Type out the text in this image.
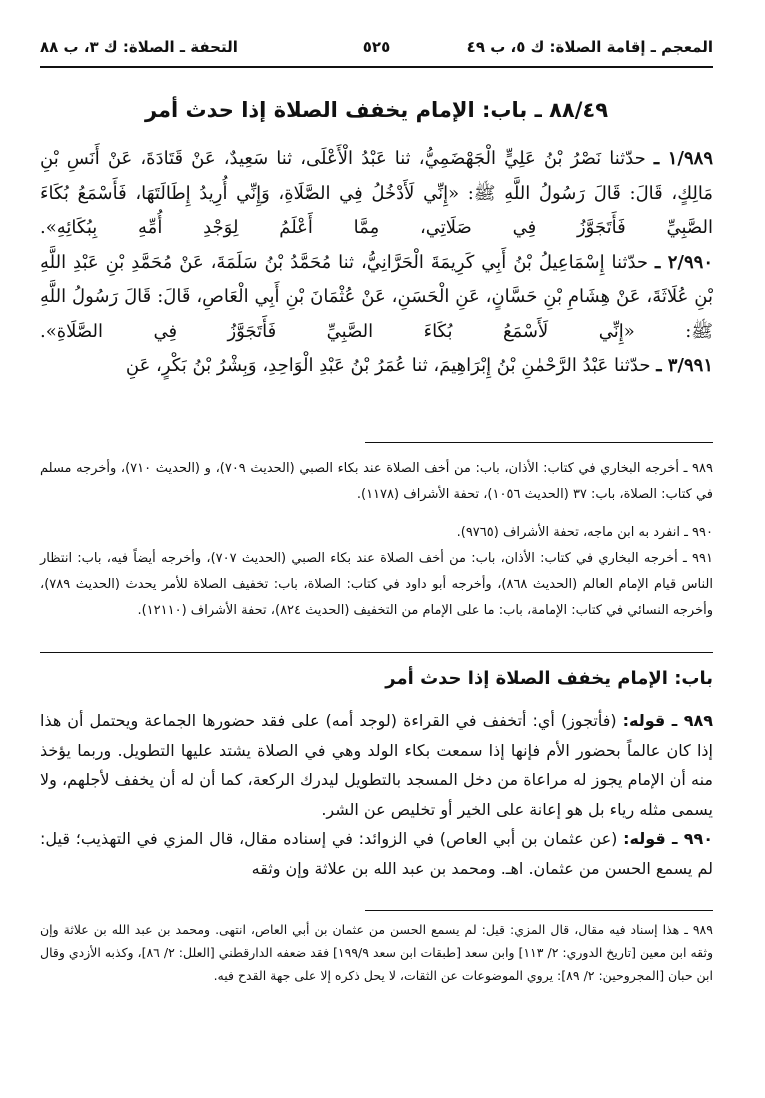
المعجم ـ إقامة الصلاة: ك ٥، ب ٤٩
٥٢٥
التحفة ـ الصلاة: ك ٣، ب ٨٨
٨٨/٤٩ ـ باب: الإمام يخفف الصلاة إذا حدث أمر

١/٩٨٩ ـ حدّثنا نَصْرُ بْنُ عَلِيٍّ الْجَهْضَمِيُّ، ثنا عَبْدُ الْأَعْلَى، ثنا سَعِيدٌ، عَنْ قَتَادَةَ، عَنْ أَنَسِ بْنِ مَالِكٍ، قَالَ: قَالَ رَسُولُ اللَّهِ ﷺ: «إِنِّي لَأَدْخُلُ فِي الصَّلَاةِ، وَإِنِّي أُرِيدُ إِطَالَتَهَا، فَأَسْمَعُ بُكَاءَ الصَّبِيِّ فَأَتَجَوَّزُ فِي صَلَاتِي، مِمَّا أَعْلَمُ لِوَجْدِ أُمِّهِ بِبُكَائِهِ».

٢/٩٩٠ ـ حدّثنا إِسْمَاعِيلُ بْنُ أَبِي كَرِيمَةَ الْحَرَّانِيُّ، ثنا مُحَمَّدُ بْنُ سَلَمَةَ، عَنْ مُحَمَّدِ بْنِ عَبْدِ اللَّهِ بْنِ عُلَاثَةَ، عَنْ هِشَامِ بْنِ حَسَّانٍ، عَنِ الْحَسَنِ، عَنْ عُثْمَانَ بْنِ أَبِي الْعَاصِ، قَالَ: قَالَ رَسُولُ اللَّهِ ﷺ: «إِنِّي لَأَسْمَعُ بُكَاءَ الصَّبِيِّ فَأَتَجَوَّزُ فِي الصَّلَاةِ».

٣/٩٩١ ـ حدّثنا عَبْدُ الرَّحْمٰنِ بْنُ إِبْرَاهِيمَ، ثنا عُمَرُ بْنُ عَبْدِ الْوَاحِدِ، وَبِشْرُ بْنُ بَكْرٍ، عَنِ

٩٨٩ ـ أخرجه البخاري في كتاب: الأذان، باب: من أخف الصلاة عند بكاء الصبي (الحديث ٧٠٩)، و (الحديث ٧١٠)، وأخرجه مسلم في كتاب: الصلاة، باب: ٣٧ (الحديث ١٠٥٦)، تحفة الأشراف (١١٧٨).

٩٩٠ ـ انفرد به ابن ماجه، تحفة الأشراف (٩٧٦٥).

٩٩١ ـ أخرجه البخاري في كتاب: الأذان، باب: من أخف الصلاة عند بكاء الصبي (الحديث ٧٠٧)، وأخرجه أيضاً فيه، باب: انتظار الناس قيام الإمام العالم (الحديث ٨٦٨)، وأخرجه أبو داود في كتاب: الصلاة، باب: تخفيف الصلاة للأمر يحدث (الحديث ٧٨٩)، وأخرجه النسائي في كتاب: الإمامة، باب: ما على الإمام من التخفيف (الحديث ٨٢٤)، تحفة الأشراف (١٢١١٠).

باب: الإمام يخفف الصلاة إذا حدث أمر

٩٨٩ ـ قوله: (فأتجوز) أي: أتخفف في القراءة (لوجد أمه) على فقد حضورها الجماعة ويحتمل أن هذا إذا كان عالماً بحضور الأم فإنها إذا سمعت بكاء الولد وهي في الصلاة يشتد عليها التطويل. وربما يؤخذ منه أن الإمام يجوز له مراعاة من دخل المسجد بالتطويل ليدرك الركعة، كما أن له أن يخفف لأجلهم، ولا يسمى مثله رياء بل هو إعانة على الخير أو تخليص عن الشر.

٩٩٠ ـ قوله: (عن عثمان بن أبي العاص) في الزوائد: في إسناده مقال، قال المزي في التهذيب؛ قيل: لم يسمع الحسن من عثمان. اهـ. ومحمد بن عبد الله بن علاثة وإن وثقه

٩٨٩ ـ هذا إسناد فيه مقال، قال المزي: قيل: لم يسمع الحسن من عثمان بن أبي العاص، انتهى. ومحمد بن عبد الله بن علاثة وإن وثقه ابن معين [تاريخ الدوري: ٢/ ١١٣] وابن سعد [طبقات ابن سعد ١٩٩/٩] فقد ضعفه الدارقطني [العلل: ٢/ ٨٦]، وكذبه الأزدي وقال ابن حبان [المجروحين: ٢/ ٨٩]: يروي الموضوعات عن الثقات، لا يحل ذكره إلا على جهة القدح فيه.
